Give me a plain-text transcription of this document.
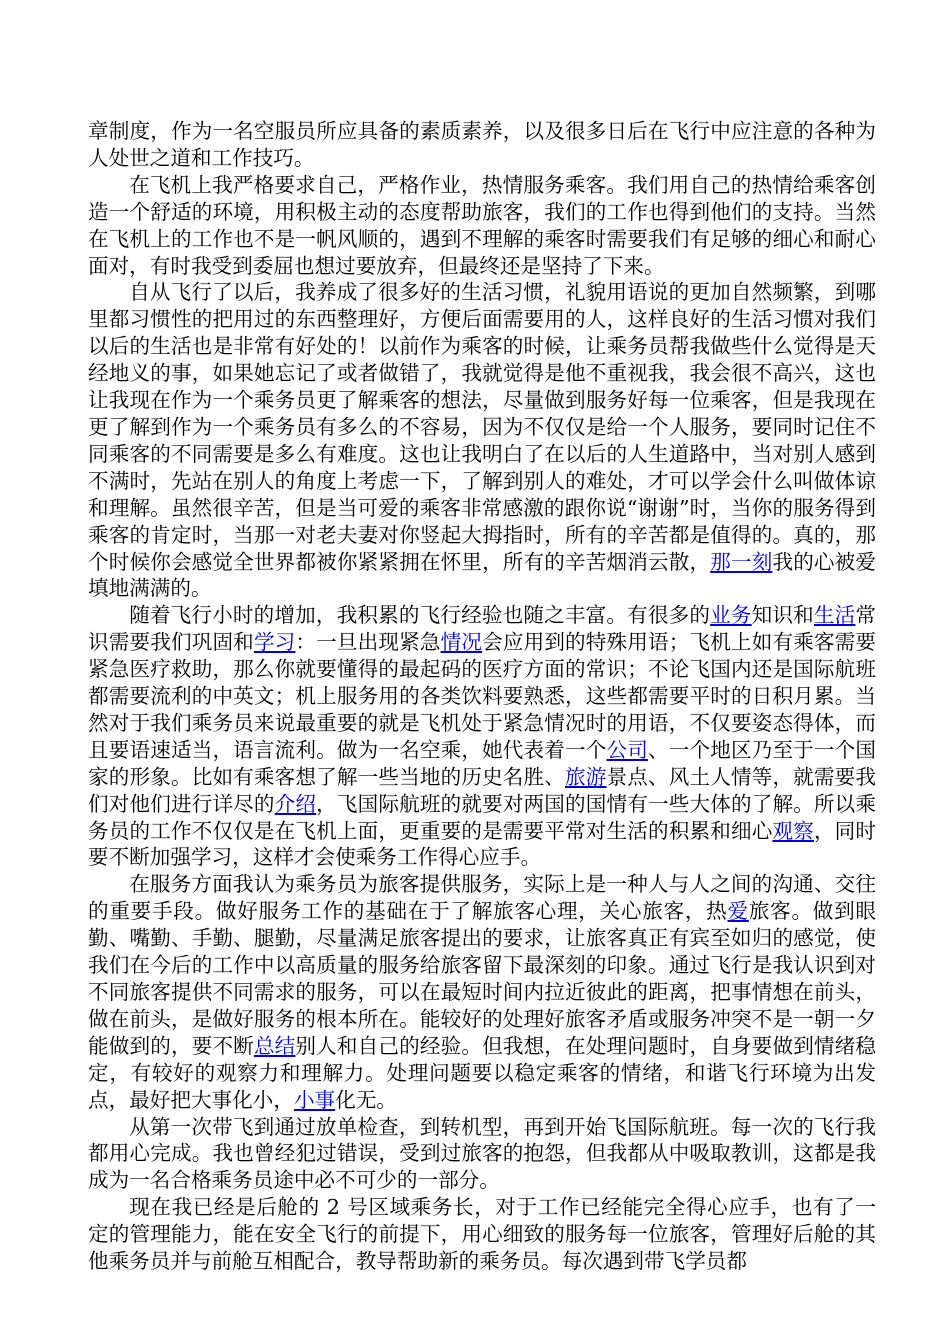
章制度，作为一名空服员所应具备的素质素养，以及很多日后在飞行中应注意的各种为人处世之道和工作技巧。

在飞机上我严格要求自己，严格作业，热情服务乘客。我们用自己的热情给乘客创造一个舒适的环境，用积极主动的态度帮助旅客，我们的工作也得到他们的支持。当然在飞机上的工作也不是一帆风顺的，遇到不理解的乘客时需要我们有足够的细心和耐心面对，有时我受到委屈也想过要放弃，但最终还是坚持了下来。

自从飞行了以后，我养成了很多好的生活习惯，礼貌用语说的更加自然频繁，到哪里都习惯性的把用过的东西整理好，方便后面需要用的人，这样良好的生活习惯对我们以后的生活也是非常有好处的！以前作为乘客的时候，让乘务员帮我做些什么觉得是天经地义的事，如果她忘记了或者做错了，我就觉得是他不重视我，我会很不高兴，这也让我现在作为一个乘务员更了解乘客的想法，尽量做到服务好每一位乘客，但是我现在更了解到作为一个乘务员有多么的不容易，因为不仅仅是给一个人服务，要同时记住不同乘客的不同需要是多么有难度。这也让我明白了在以后的人生道路中，当对别人感到不满时，先站在别人的角度上考虑一下，了解到别人的难处，才可以学会什么叫做体谅和理解。虽然很辛苦，但是当可爱的乘客非常感激的跟你说“谢谢”时，当你的服务得到乘客的肯定时，当那一对老夫妻对你竖起大拇指时，所有的辛苦都是值得的。真的，那个时候你会感觉全世界都被你紧紧拥在怀里，所有的辛苦烟消云散，那一刻我的心被爱填地满满的。

随着飞行小时的增加，我积累的飞行经验也随之丰富。有很多的业务知识和生活常识需要我们巩固和学习：一旦出现紧急情况会应用到的特殊用语；飞机上如有乘客需要紧急医疗救助，那么你就要懂得的最起码的医疗方面的常识；不论飞国内还是国际航班都需要流利的中英文；机上服务用的各类饮料要熟悉，这些都需要平时的日积月累。当然对于我们乘务员来说最重要的就是飞机处于紧急情况时的用语，不仅要姿态得体，而且要语速适当，语言流利。做为一名空乘，她代表着一个公司、一个地区乃至于一个国家的形象。比如有乘客想了解一些当地的历史名胜、旅游景点、风土人情等，就需要我们对他们进行详尽的介绍，飞国际航班的就要对两国的国情有一些大体的了解。所以乘务员的工作不仅仅是在飞机上面，更重要的是需要平常对生活的积累和细心观察，同时要不断加强学习，这样才会使乘务工作得心应手。

在服务方面我认为乘务员为旅客提供服务，实际上是一种人与人之间的沟通、交往的重要手段。做好服务工作的基础在于了解旅客心理，关心旅客，热爱旅客。做到眼勤、嘴勤、手勤、腿勤，尽量满足旅客提出的要求，让旅客真正有宾至如归的感觉，使我们在今后的工作中以高质量的服务给旅客留下最深刻的印象。通过飞行是我认识到对不同旅客提供不同需求的服务，可以在最短时间内拉近彼此的距离，把事情想在前头，做在前头，是做好服务的根本所在。能较好的处理好旅客矛盾或服务冲突不是一朝一夕能做到的，要不断总结别人和自己的经验。但我想，在处理问题时，自身要做到情绪稳定，有较好的观察力和理解力。处理问题要以稳定乘客的情绪，和谐飞行环境为出发点，最好把大事化小，小事化无。

从第一次带飞到通过放单检查，到转机型，再到开始飞国际航班。每一次的飞行我都用心完成。我也曾经犯过错误，受到过旅客的抱怨，但我都从中吸取教训，这都是我成为一名合格乘务员途中必不可少的一部分。

现在我已经是后舱的 2 号区域乘务长，对于工作已经能完全得心应手，也有了一定的管理能力，能在安全飞行的前提下，用心细致的服务每一位旅客，管理好后舱的其他乘务员并与前舱互相配合，教导帮助新的乘务员。每次遇到带飞学员都
